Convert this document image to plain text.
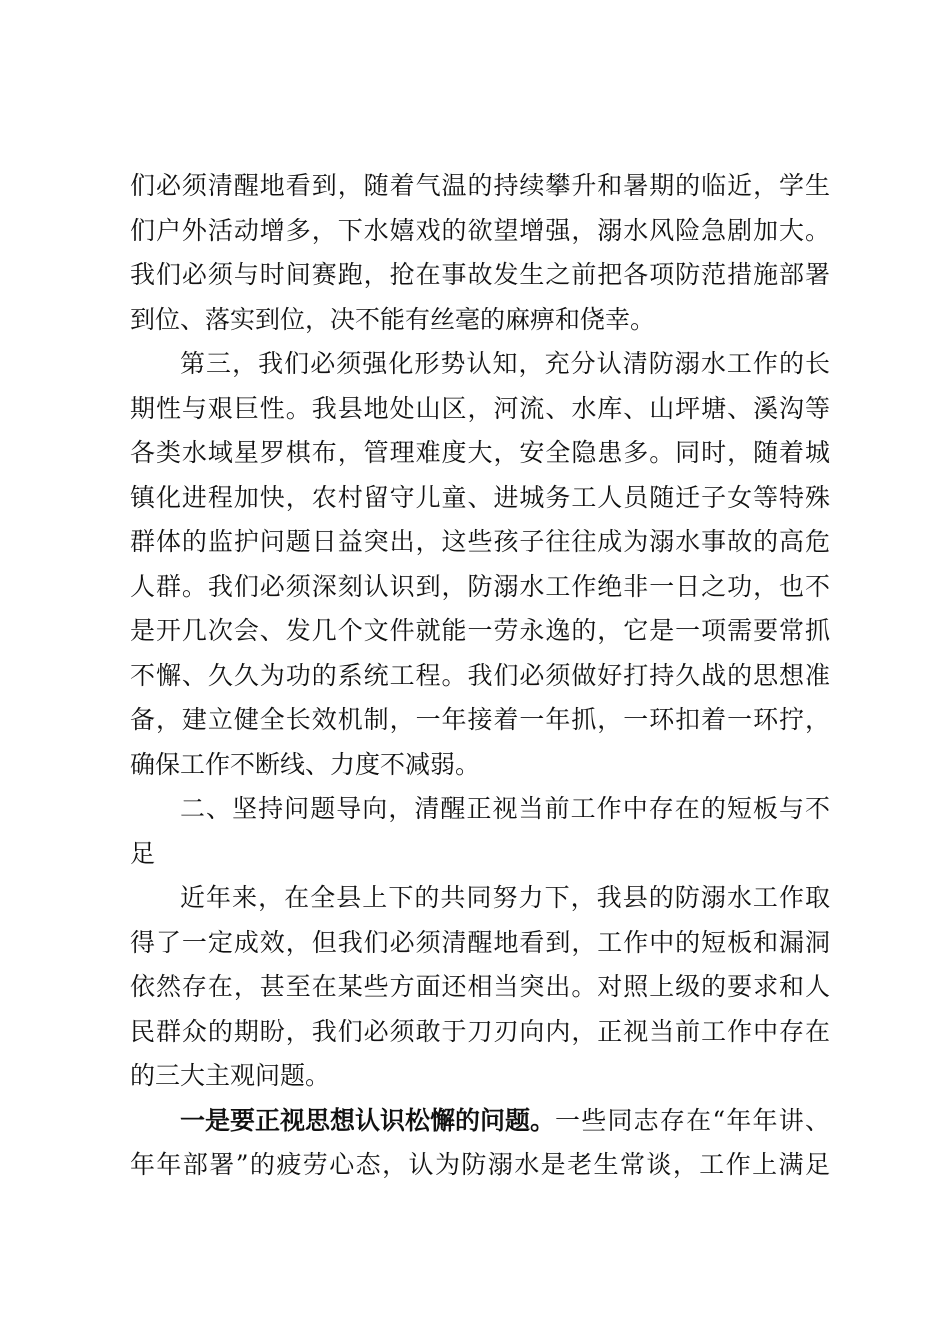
们必须清醒地看到，随着气温的持续攀升和暑期的临近，学生
们户外活动增多，下水嬉戏的欲望增强，溺水风险急剧加大。
我们必须与时间赛跑，抢在事故发生之前把各项防范措施部署
到位、落实到位，决不能有丝毫的麻痹和侥幸。
第三，我们必须强化形势认知，充分认清防溺水工作的长
期性与艰巨性。我县地处山区，河流、水库、山坪塘、溪沟等
各类水域星罗棋布，管理难度大，安全隐患多。同时，随着城
镇化进程加快，农村留守儿童、进城务工人员随迁子女等特殊
群体的监护问题日益突出，这些孩子往往成为溺水事故的高危
人群。我们必须深刻认识到，防溺水工作绝非一日之功，也不
是开几次会、发几个文件就能一劳永逸的，它是一项需要常抓
不懈、久久为功的系统工程。我们必须做好打持久战的思想准
备，建立健全长效机制，一年接着一年抓，一环扣着一环拧，
确保工作不断线、力度不减弱。
二、坚持问题导向，清醒正视当前工作中存在的短板与不
足
近年来，在全县上下的共同努力下，我县的防溺水工作取
得了一定成效，但我们必须清醒地看到，工作中的短板和漏洞
依然存在，甚至在某些方面还相当突出。对照上级的要求和人
民群众的期盼，我们必须敢于刀刃向内，正视当前工作中存在
的三大主观问题。
一是要正视思想认识松懈的问题。 一些同志存在“年年讲、
年年部署”的疲劳心态，认为防溺水是老生常谈，工作上满足
